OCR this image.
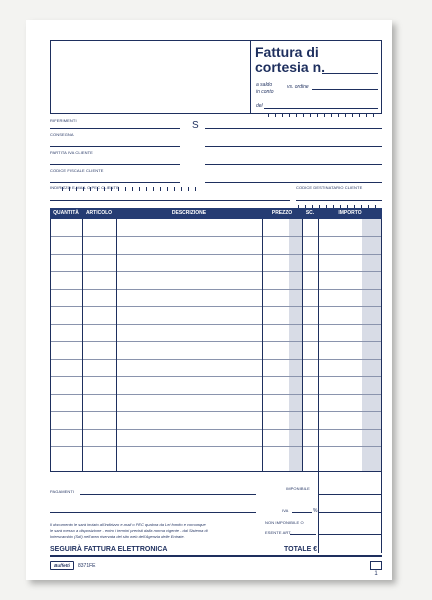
Fattura di
cortesia n.
a saldo	vs. ordine
in conto
del
RIFERIMENTI	S
CONSEGNA
PARTITA IVA CLIENTE
CODICE FISCALE CLIENTE
INDIRIZZO E-MAIL O PEC CLIENTE	CODICE DESTINATARIO CLIENTE
QUANTITÀ	ARTICOLO	DESCRIZIONE	PREZZO	SC.	IMPORTO
PAGAMENTI
IMPONIBILE
IVA	%
NON IMPONIBILE O
ESENTE ART.
Il documento le sarà inviato all'indirizzo e-mail o PEC qualora da Lei fornito e comunque
le sarà messo a disposizione - entro i termini previsti dalla norma vigente - dal Sistema di
Interscambio (SdI) nell'area riservata del sito web dell'Agenzia delle Entrate.
SEGUIRÀ FATTURA ELETTRONICA	TOTALE €
Buffetti	8371FE
1
